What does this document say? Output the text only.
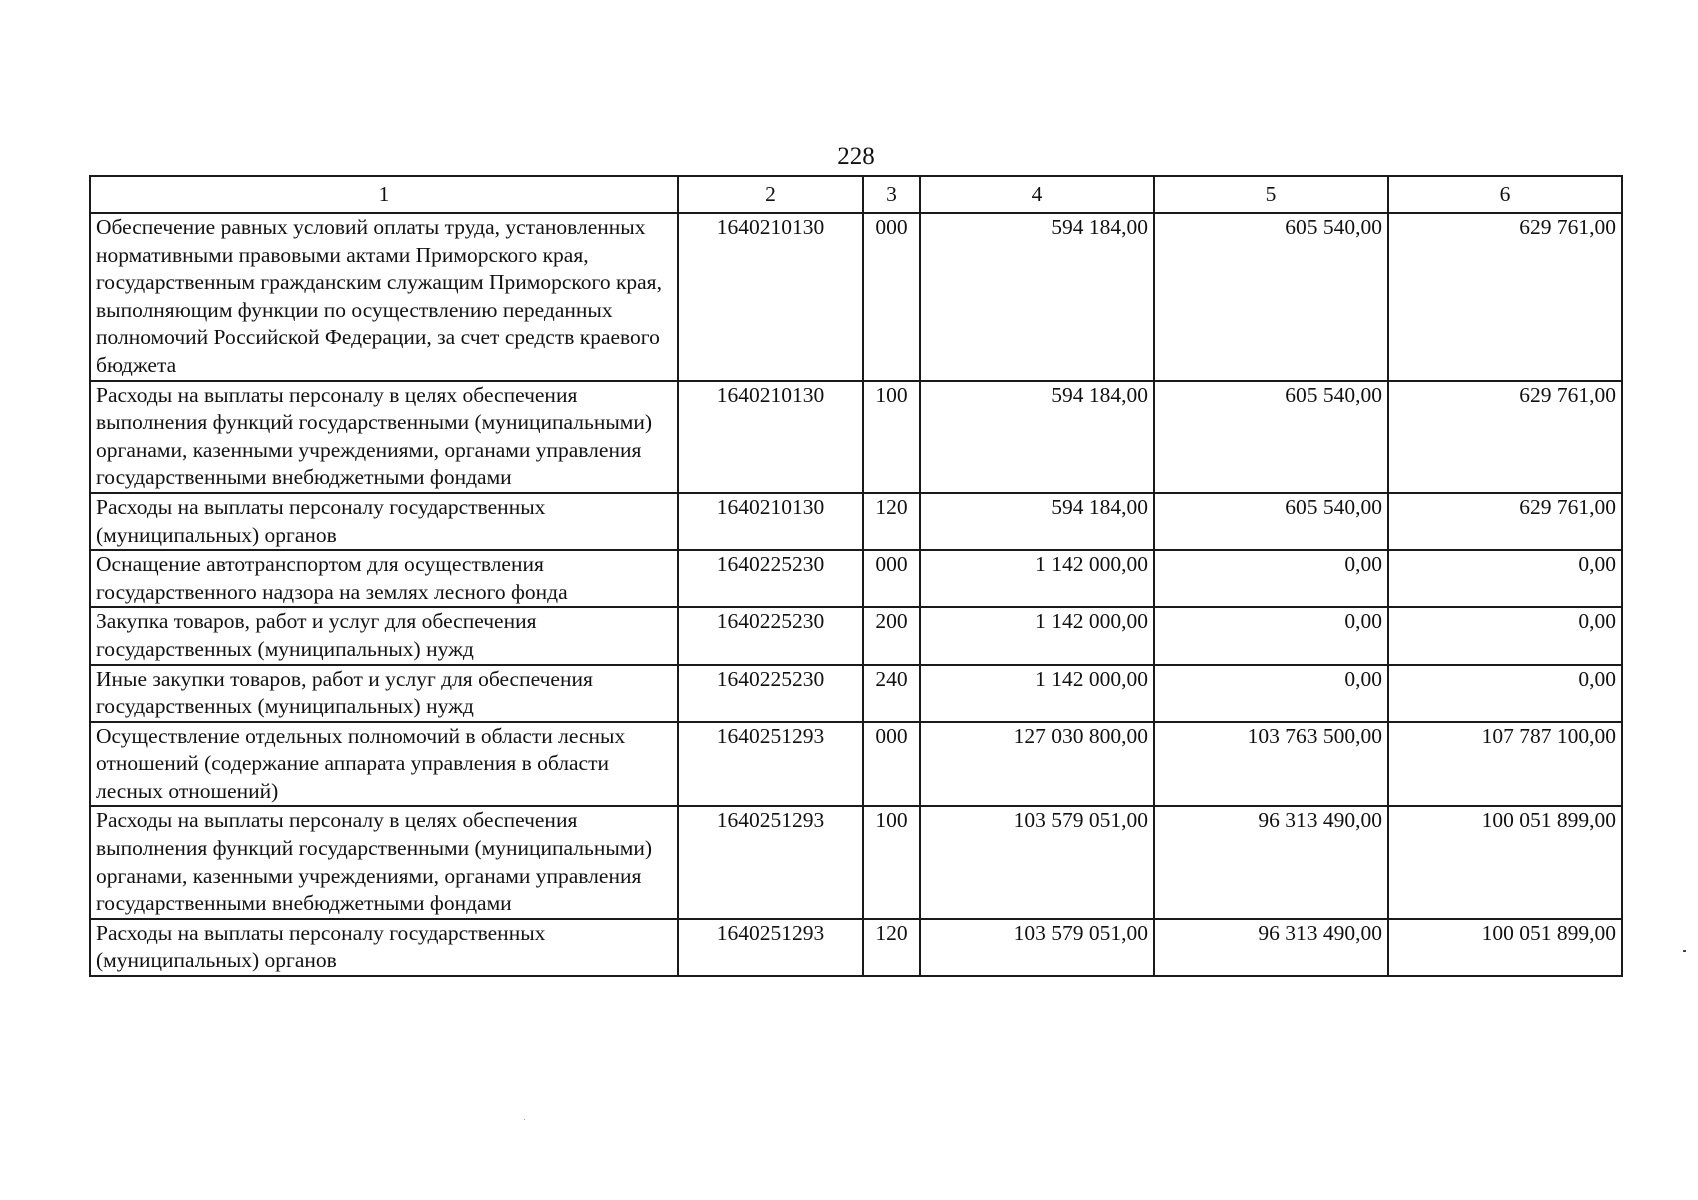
228
1	2	3	4	5	6
Обеспечение равных условий оплаты труда, установленных нормативными правовыми актами Приморского края, государственным гражданским служащим Приморского края, выполняющим функции по осуществлению переданных полномочий Российской Федерации, за счет средств краевого бюджета	1640210130	000	594 184,00	605 540,00	629 761,00
Расходы на выплаты персоналу в целях обеспечения выполнения функций государственными (муниципальными) органами, казенными учреждениями, органами управления государственными внебюджетными фондами	1640210130	100	594 184,00	605 540,00	629 761,00
Расходы на выплаты персоналу государственных (муниципальных) органов	1640210130	120	594 184,00	605 540,00	629 761,00
Оснащение автотранспортом для осуществления государственного надзора на землях лесного фонда	1640225230	000	1 142 000,00	0,00	0,00
Закупка товаров, работ и услуг для обеспечения государственных (муниципальных) нужд	1640225230	200	1 142 000,00	0,00	0,00
Иные закупки товаров, работ и услуг для обеспечения государственных (муниципальных) нужд	1640225230	240	1 142 000,00	0,00	0,00
Осуществление отдельных полномочий в области лесных отношений (содержание аппарата управления в области лесных отношений)	1640251293	000	127 030 800,00	103 763 500,00	107 787 100,00
Расходы на выплаты персоналу в целях обеспечения выполнения функций государственными (муниципальными) органами, казенными учреждениями, органами управления государственными внебюджетными фондами	1640251293	100	103 579 051,00	96 313 490,00	100 051 899,00
Расходы на выплаты персоналу государственных (муниципальных) органов	1640251293	120	103 579 051,00	96 313 490,00	100 051 899,00
